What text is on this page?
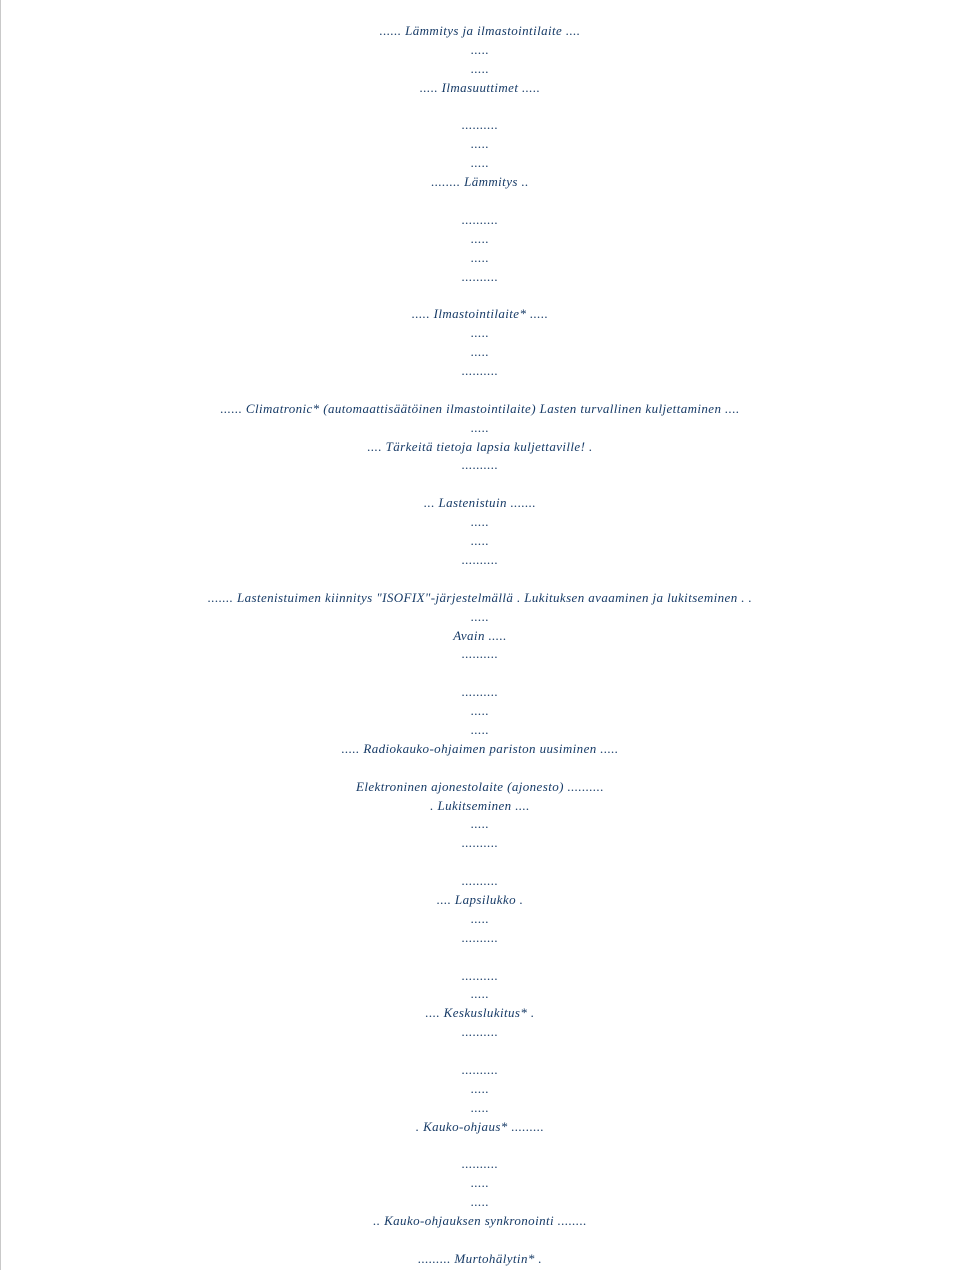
...... Lämmitys ja ilmastointilaite ....
.....
.....
..... Ilmasuuttimet .....
..........
.....
.....
........ Lämmitys ..
..........
.....
.....
..........
..... Ilmastointilaite* .....
.....
.....
..........
...... Climatronic* (automaattisäätöinen ilmastointilaite) Lasten turvallinen kuljettaminen ....
.....
.... Tärkeitä tietoja lapsia kuljettaville! .
..........
... Lastenistuin .......
.....
.....
..........
....... Lastenistuimen kiinnitys "ISOFIX"-järjestelmällä . Lukituksen avaaminen ja lukitseminen . .
.....
Avain .....
..........
..........
.....
.....
..... Radiokauko-ohjaimen pariston uusiminen .....
Elektroninen ajonestolaite (ajonesto) ..........
. Lukitseminen ....
.....
..........
..........
.... Lapsilukko .
.....
..........
..........
.....
.... Keskuslukitus* .
..........
..........
.....
.....
. Kauko-ohjaus* .........
..........
.....
.....
.. Kauko-ohjauksen synkronointi ........
......... Murtohälytin* .
